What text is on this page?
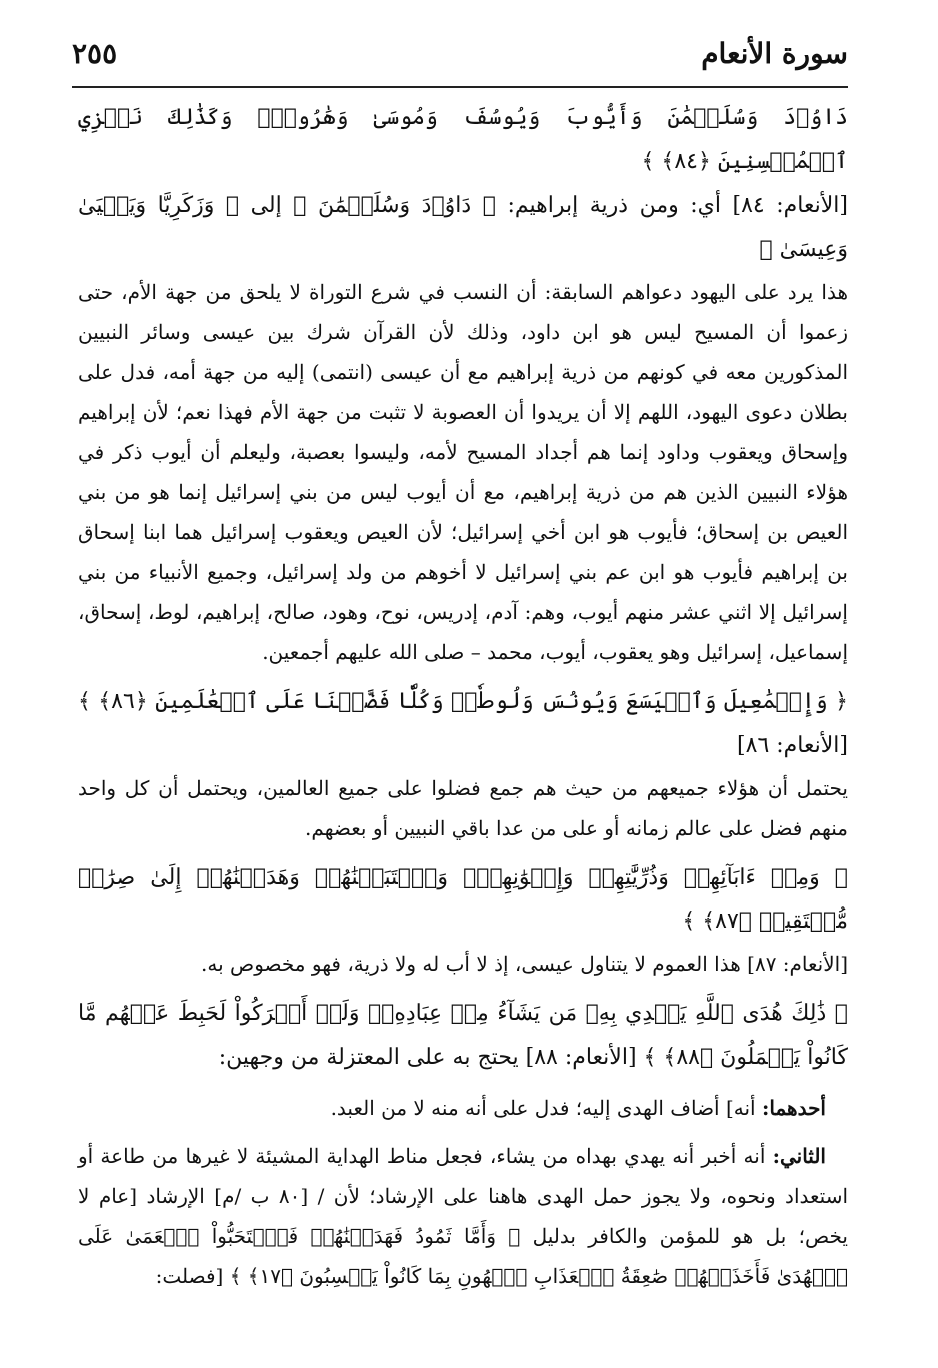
سورة الأنعام
٢٥٥

دَاوُۥدَ وَسُلَيۡمَٰنَ وَأَيُّوبَ وَيُوسُفَ وَمُوسَىٰ وَهَٰرُونَۚ وَكَذَٰلِكَ نَجۡزِي ٱلۡمُحۡسِنِينَ ﴿٨٤﴾ ﴾

[الأنعام: ٨٤] أي: ومن ذرية إبراهيم: ﴿ دَاوُۥدَ وَسُلَيۡمَٰنَ ﴾ إلى ﴿ وَزَكَرِيَّا وَيَحۡيَىٰ وَعِيسَىٰ ﴾

هذا يرد على اليهود دعواهم السابقة: أن النسب في شرع التوراة لا يلحق من جهة الأم، حتى زعموا أن المسيح ليس هو ابن داود، وذلك لأن القرآن شرك بين عيسى وسائر النبيين المذكورين معه في كونهم من ذرية إبراهيم مع أن عيسى (انتمى) إليه من جهة أمه، فدل على بطلان دعوى اليهود، اللهم إلا أن يريدوا أن العصوبة لا تثبت من جهة الأم فهذا نعم؛ لأن إبراهيم وإسحاق ويعقوب وداود إنما هم أجداد المسيح لأمه، وليسوا بعصبة، وليعلم أن أيوب ذكر في هؤلاء النبيين الذين هم من ذرية إبراهيم، مع أن أيوب ليس من بني إسرائيل إنما هو من بني العيص بن إسحاق؛ فأيوب هو ابن أخي إسرائيل؛ لأن العيص ويعقوب إسرائيل هما ابنا إسحاق بن إبراهيم فأيوب هو ابن عم بني إسرائيل لا أخوهم من ولد إسرائيل، وجميع الأنبياء من بني إسرائيل إلا اثني عشر منهم أيوب، وهم: آدم، إدريس، نوح، وهود، صالح، إبراهيم، لوط، إسحاق، إسماعيل، إسرائيل وهو يعقوب، أيوب، محمد – صلى الله عليهم أجمعين.

﴿ وَإِسۡمَٰعِيلَ وَٱلۡيَسَعَ وَيُونُسَ وَلُوطٗاۚ وَكُلّٗا فَضَّلۡنَا عَلَى ٱلۡعَٰلَمِينَ ﴿٨٦﴾ ﴾ [الأنعام: ٨٦]

يحتمل أن هؤلاء جميعهم من حيث هم جمع فضلوا على جميع العالمين، ويحتمل أن كل واحد منهم فضل على عالم زمانه أو على من عدا باقي النبيين أو بعضهم.

﴿ وَمِنۡ ءَابَآئِهِمۡ وَذُرِّيَّٰتِهِمۡ وَإِخۡوَٰنِهِمۡۖ وَٱجۡتَبَيۡنَٰهُمۡ وَهَدَيۡنَٰهُمۡ إِلَىٰ صِرَٰطٖ مُّسۡتَقِيمٖ ﴿٨٧﴾ ﴾

[الأنعام: ٨٧] هذا العموم لا يتناول عيسى، إذ لا أب له ولا ذرية، فهو مخصوص به.

﴿ ذَٰلِكَ هُدَى ٱللَّهِ يَهۡدِي بِهِۦ مَن يَشَآءُ مِنۡ عِبَادِهِۦۚ وَلَوۡ أَشۡرَكُواْ لَحَبِطَ عَنۡهُم مَّا كَانُواْ يَعۡمَلُونَ ﴿٨٨﴾ ﴾ [الأنعام: ٨٨] يحتج به على المعتزلة من وجهين:

أحدهما: أنه] أضاف الهدى إليه؛ فدل على أنه منه لا من العبد.

الثاني: أنه أخبر أنه يهدي بهداه من يشاء، فجعل مناط الهداية المشيئة لا غيرها من طاعة أو استعداد ونحوه، ولا يجوز حمل الهدى هاهنا على الإرشاد؛ لأن / [٨٠ ب /م] الإرشاد [عام لا يخص؛ بل هو للمؤمن والكافر بدليل ﴿ وَأَمَّا ثَمُودُ فَهَدَيۡنَٰهُمۡ فَٱسۡتَحَبُّواْ ٱلۡعَمَىٰ عَلَى ٱلۡهُدَىٰ فَأَخَذَتۡهُمۡ صَٰعِقَةُ ٱلۡعَذَابِ ٱلۡهُونِ بِمَا كَانُواْ يَكۡسِبُونَ ﴿١٧﴾ ﴾ [فصلت:
